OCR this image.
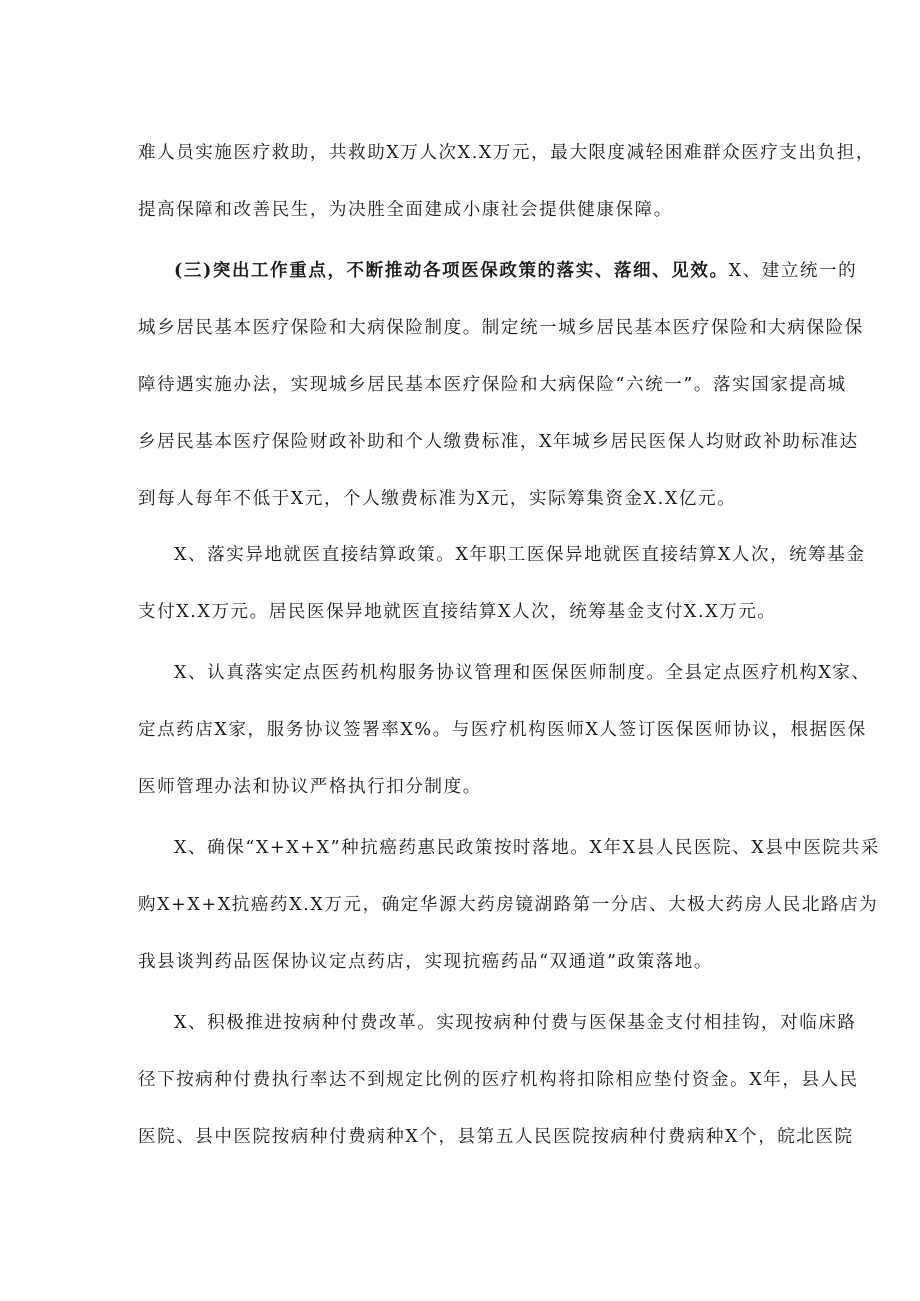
难人员实施医疗救助，共救助X万人次X.X万元，最大限度减轻困难群众医疗支出负担，
提高保障和改善民生，为决胜全面建成小康社会提供健康保障。
(三)突出工作重点，不断推动各项医保政策的落实、落细、见效。X、建立统一的
城乡居民基本医疗保险和大病保险制度。制定统一城乡居民基本医疗保险和大病保险保
障待遇实施办法，实现城乡居民基本医疗保险和大病保险“六统一”。落实国家提高城
乡居民基本医疗保险财政补助和个人缴费标准，X年城乡居民医保人均财政补助标准达
到每人每年不低于X元，个人缴费标准为X元，实际筹集资金X.X亿元。
X、落实异地就医直接结算政策。X年职工医保异地就医直接结算X人次，统筹基金
支付X.X万元。居民医保异地就医直接结算X人次，统筹基金支付X.X万元。
X、认真落实定点医药机构服务协议管理和医保医师制度。全县定点医疗机构X家、
定点药店X家，服务协议签署率X%。与医疗机构医师X人签订医保医师协议，根据医保
医师管理办法和协议严格执行扣分制度。
X、确保“X+X+X”种抗癌药惠民政策按时落地。X年X县人民医院、X县中医院共采
购X+X+X抗癌药X.X万元，确定华源大药房镜湖路第一分店、大极大药房人民北路店为
我县谈判药品医保协议定点药店，实现抗癌药品“双通道”政策落地。
X、积极推进按病种付费改革。实现按病种付费与医保基金支付相挂钩，对临床路
径下按病种付费执行率达不到规定比例的医疗机构将扣除相应垫付资金。X年，县人民
医院、县中医院按病种付费病种X个，县第五人民医院按病种付费病种X个，皖北医院
